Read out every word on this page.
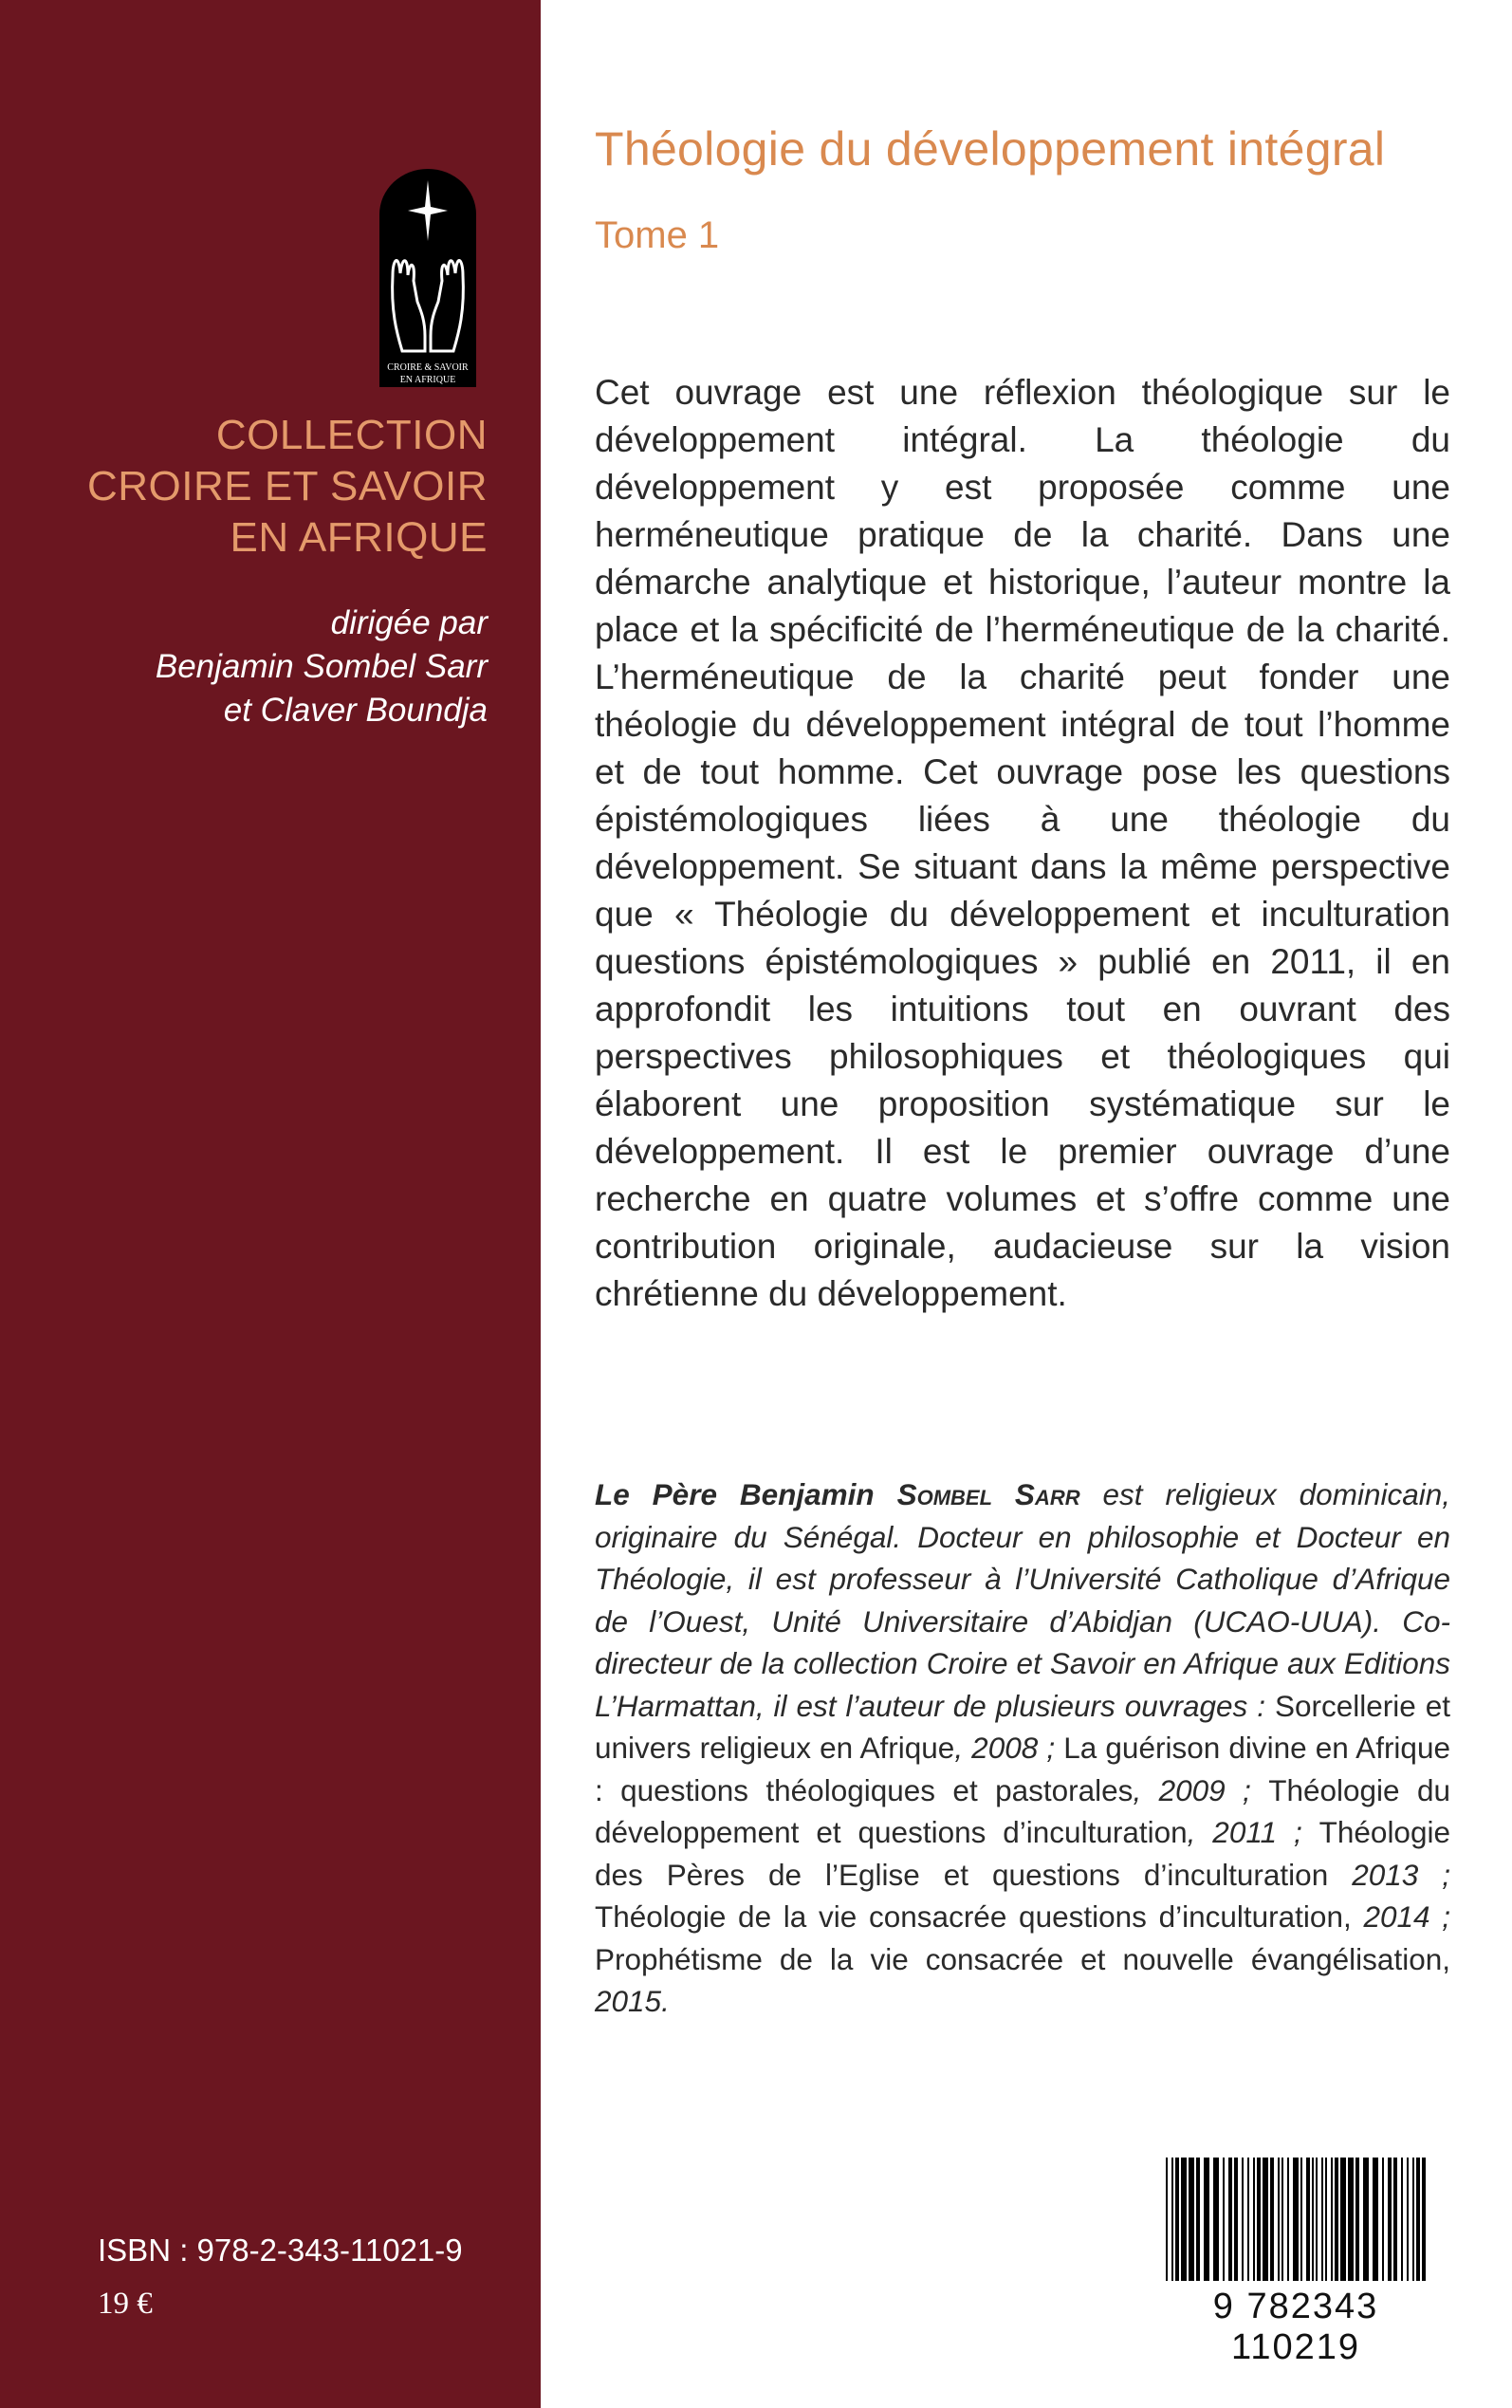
CROIRE & SAVOIR
EN AFRIQUE
COLLECTION
CROIRE ET SAVOIR
EN AFRIQUE
dirigée par
Benjamin Sombel Sarr
et Claver Boundja
ISBN : 978-2-343-11021-9
19 €
Théologie du développement intégral
Tome 1

Cet ouvrage est une réflexion théologique sur le développement intégral. La théologie du développement y est proposée comme une herméneutique pratique de la charité. Dans une démarche analytique et historique, l’auteur montre la place et la spécificité de l’herméneutique de la charité. L’herméneutique de la charité peut fonder une théologie du développement intégral de tout l’homme et de tout homme. Cet ouvrage pose les questions épistémologiques liées à une théologie du développement. Se situant dans la même perspective que « Théologie du développement et inculturation questions épistémologiques » publié en 2011, il en approfondit les intuitions tout en ouvrant des perspectives philosophiques et théologiques qui élaborent une proposition systématique sur le développement. Il est le premier ouvrage d’une recherche en quatre volumes et s’offre comme une contribution originale, audacieuse sur la vision chrétienne du développement.

Le Père Benjamin Sombel Sarr est religieux dominicain, originaire du Sénégal. Docteur en philosophie et Docteur en Théologie, il est professeur à l’Université Catholique d’Afrique de l’Ouest, Unité Universitaire d’Abidjan (UCAO-UUA). Co-directeur de la collection Croire et Savoir en Afrique aux Editions L’Harmattan, il est l’auteur de plusieurs ouvrages : Sorcellerie et univers religieux en Afrique, 2008 ; La guérison divine en Afrique : questions théologiques et pastorales, 2009 ; Théologie du développement et questions d’inculturation, 2011 ; Théologie des Pères de l’Eglise et questions d’inculturation 2013 ; Théologie de la vie consacrée questions d’inculturation, 2014 ; Prophétisme de la vie consacrée et nouvelle évangélisation, 2015.

9 782343 110219
